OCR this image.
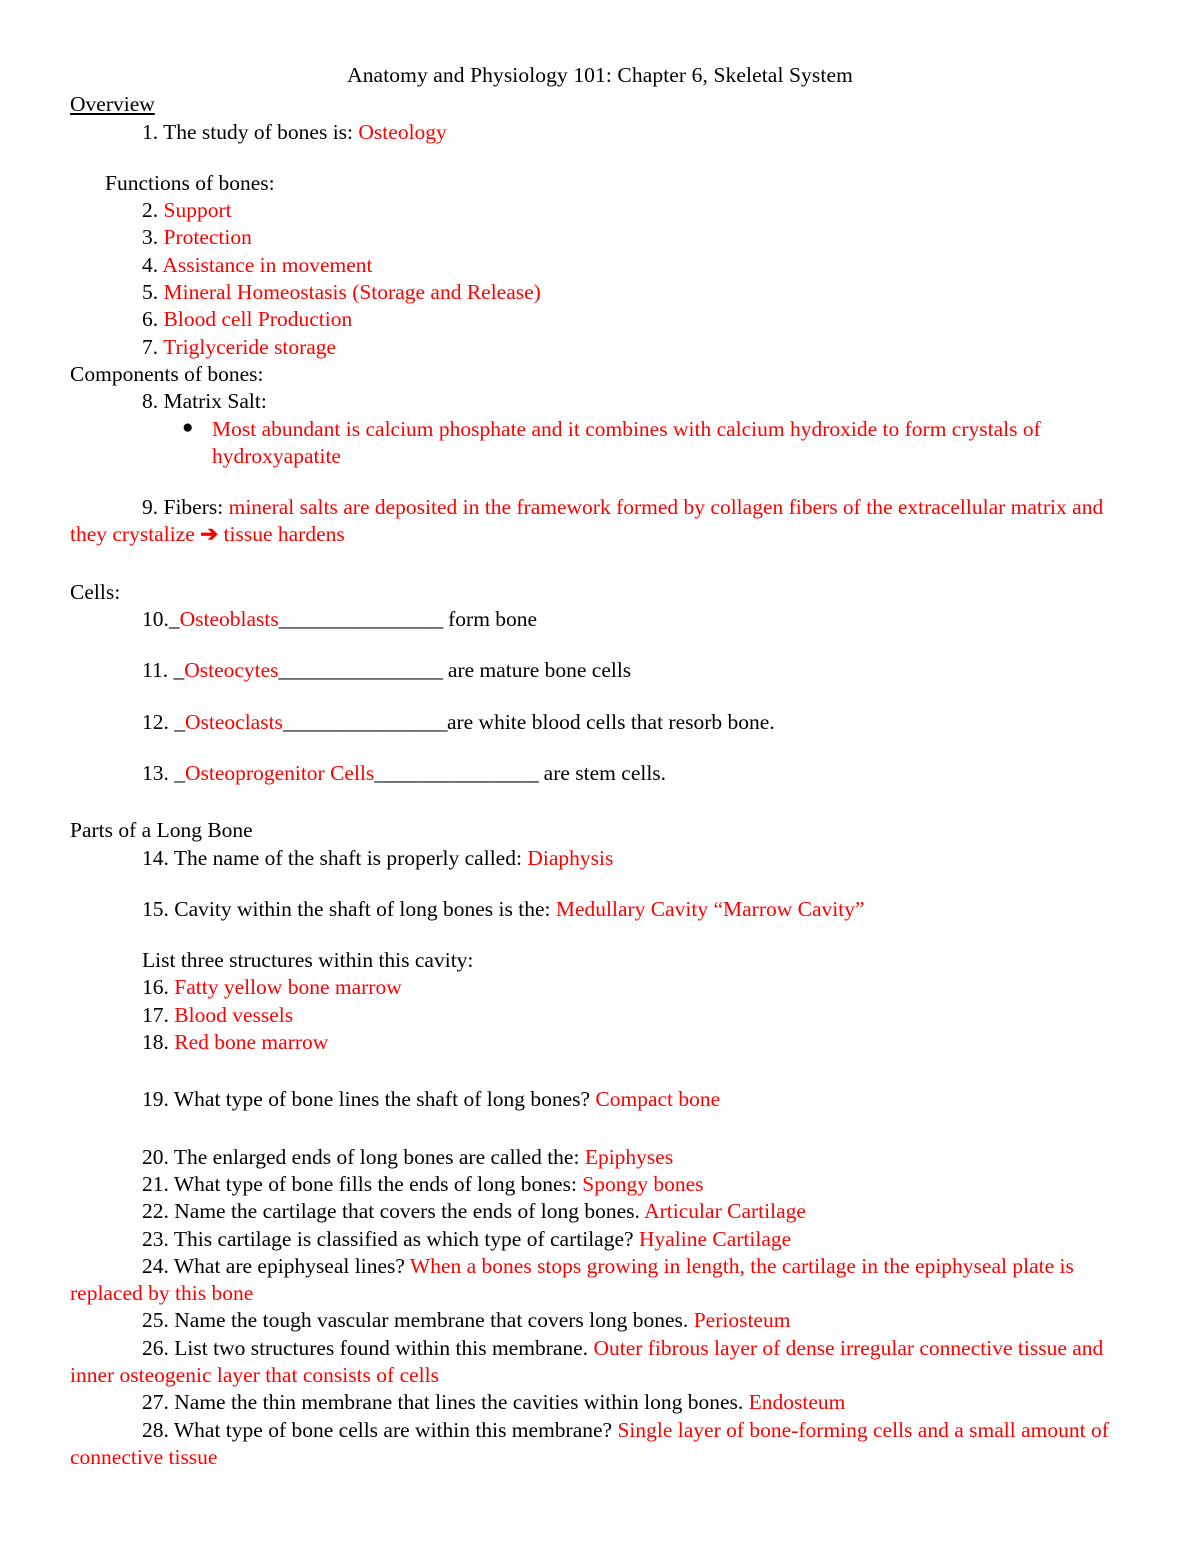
Anatomy and Physiology 101: Chapter 6, Skeletal System
Overview
1. The study of bones is: Osteology
Functions of bones:
2. Support
3. Protection
4. Assistance in movement
5. Mineral Homeostasis (Storage and Release)
6. Blood cell Production
7. Triglyceride storage
Components of bones:
8. Matrix Salt:
● Most abundant is calcium phosphate and it combines with calcium hydroxide to form crystals of hydroxyapatite
9. Fibers: mineral salts are deposited in the framework formed by collagen fibers of the extracellular matrix and they crystalize ➔ tissue hardens
Cells:
10._Osteoblasts________________ form bone
11. _Osteocytes________________ are mature bone cells
12. _Osteoclasts________________are white blood cells that resorb bone.
13. _Osteoprogenitor Cells________________ are stem cells.
Parts of a Long Bone
14. The name of the shaft is properly called: Diaphysis
15. Cavity within the shaft of long bones is the: Medullary Cavity “Marrow Cavity”
List three structures within this cavity:
16. Fatty yellow bone marrow
17. Blood vessels
18. Red bone marrow
19. What type of bone lines the shaft of long bones? Compact bone
20. The enlarged ends of long bones are called the: Epiphyses
21. What type of bone fills the ends of long bones: Spongy bones
22. Name the cartilage that covers the ends of long bones. Articular Cartilage
23. This cartilage is classified as which type of cartilage? Hyaline Cartilage
24. What are epiphyseal lines? When a bones stops growing in length, the cartilage in the epiphyseal plate is replaced by this bone
25. Name the tough vascular membrane that covers long bones. Periosteum
26. List two structures found within this membrane. Outer fibrous layer of dense irregular connective tissue and inner osteogenic layer that consists of cells
27. Name the thin membrane that lines the cavities within long bones. Endosteum
28. What type of bone cells are within this membrane? Single layer of bone-forming cells and a small amount of connective tissue
